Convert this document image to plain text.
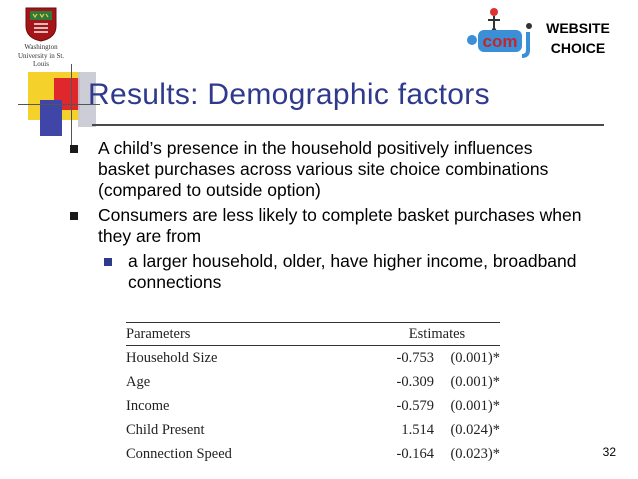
Washington
University in St. Louis
com
WEBSITE
CHOICE
Results: Demographic factors
A child’s presence in the household positively influences basket purchases across various site choice combinations (compared to outside option)
Consumers are less likely to complete basket purchases when they are from
a larger household, older, have higher income, broadband connections
Parameters	Estimates
Household Size	-0.753	(0.001)*
Age	-0.309	(0.001)*
Income	-0.579	(0.001)*
Child Present	1.514	(0.024)*
Connection Speed	-0.164	(0.023)*	32
